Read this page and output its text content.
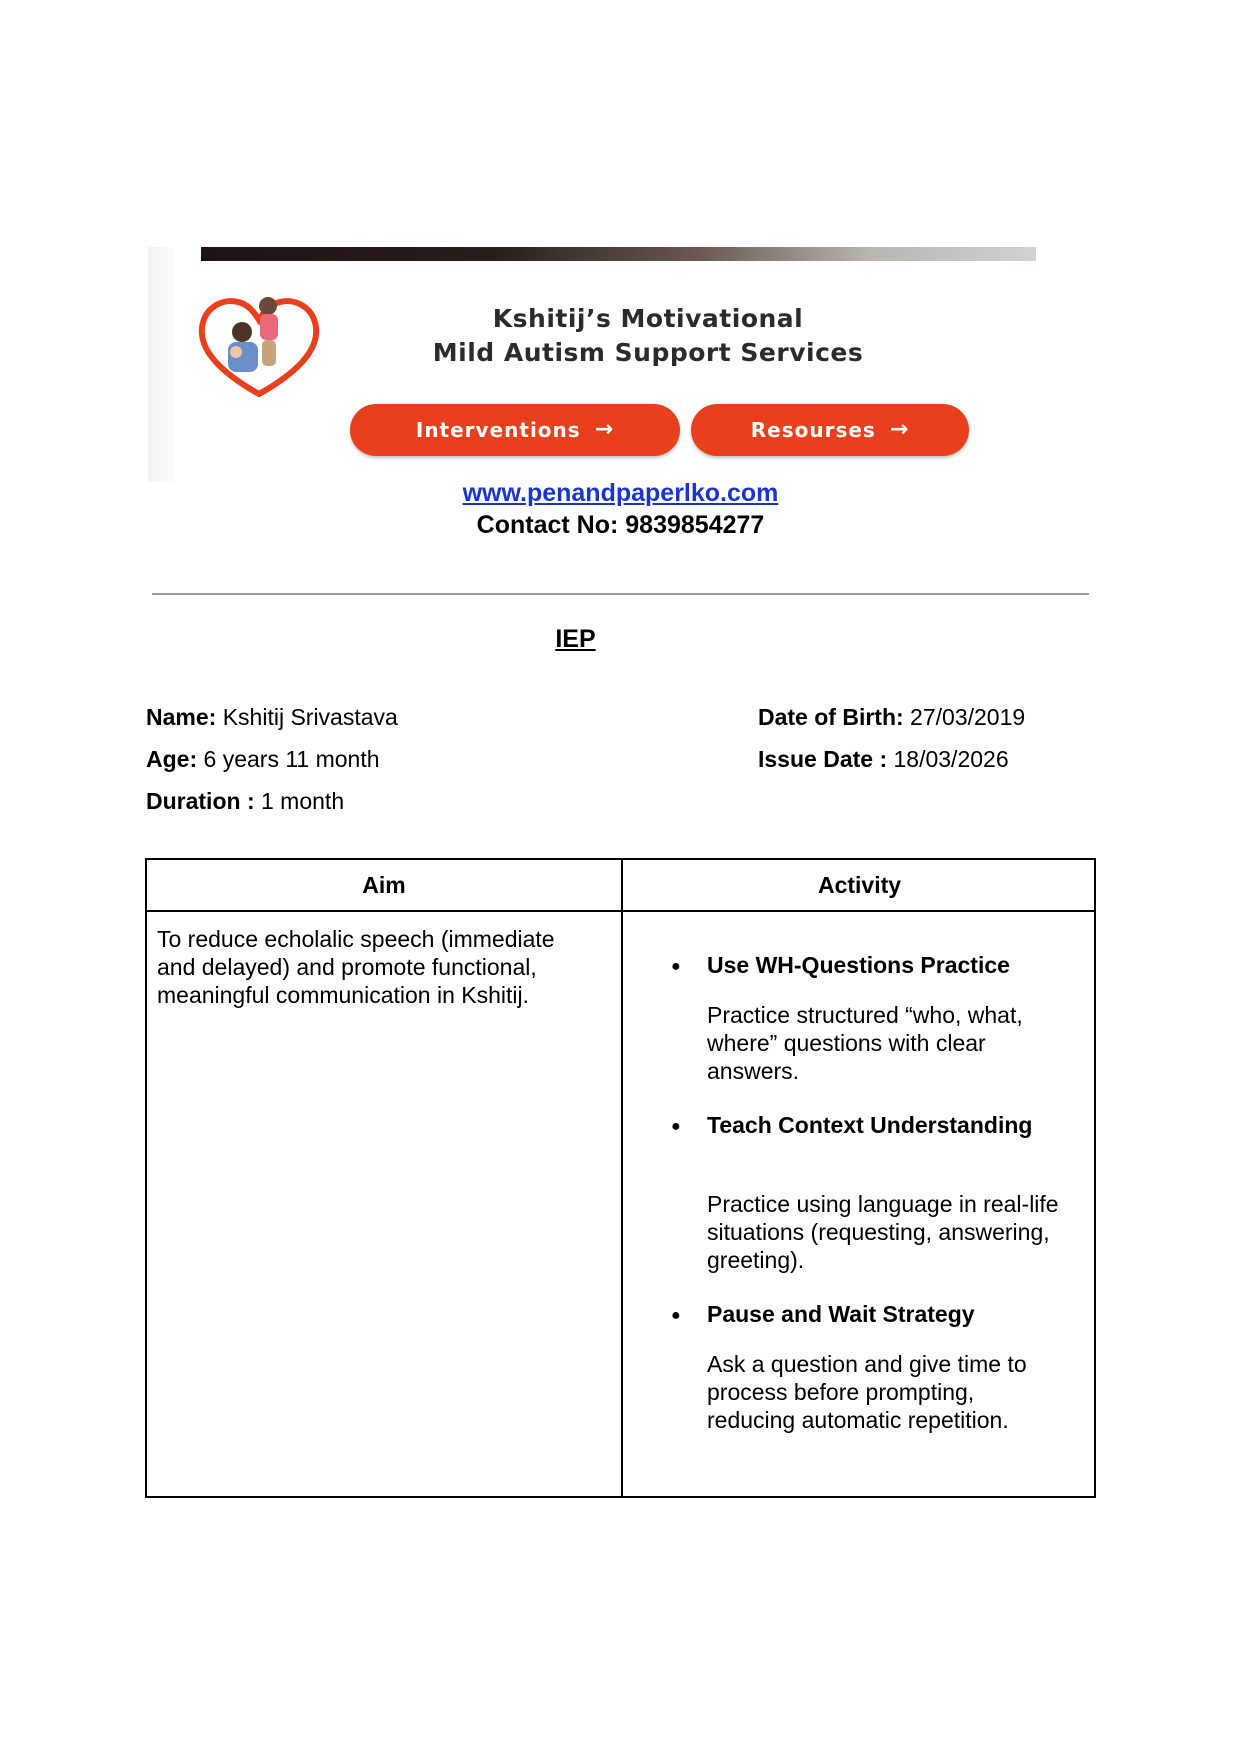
Kshitij’s Motivational
Mild Autism Support Services
Interventions →	Resourses →
www.penandpaperlko.com
Contact No: 9839854277
IEP
Name: Kshitij Srivastava
Age: 6 years 11 month
Duration : 1 month
Date of Birth: 27/03/2019
Issue Date : 18/03/2026
Aim	Activity
To reduce echolalic speech (immediate
and delayed) and promote functional,
meaningful communication in Kshitij.
● Use WH-Questions Practice
Practice structured “who, what,
where” questions with clear
answers.
● Teach Context Understanding
Practice using language in real-life
situations (requesting, answering,
greeting).
● Pause and Wait Strategy
Ask a question and give time to
process before prompting,
reducing automatic repetition.
